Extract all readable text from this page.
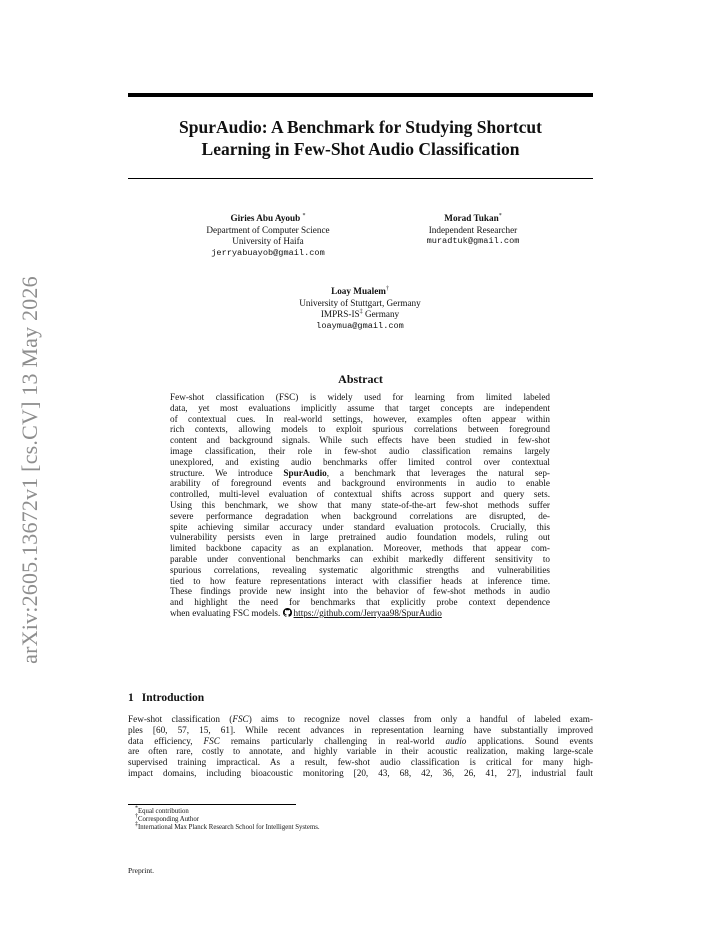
arXiv:2605.13672v1 [cs.CV] 13 May 2026
SpurAudio: A Benchmark for Studying Shortcut
Learning in Few-Shot Audio Classification
Giries Abu Ayoub *
Department of Computer Science
University of Haifa
jerryabuayob@gmail.com
Morad Tukan*
Independent Researcher
muradtuk@gmail.com
Loay Mualem†
University of Stuttgart, Germany
IMPRS-IS‡ Germany
loaymua@gmail.com
Abstract
Few-shot classification (FSC) is widely used for learning from limited labeled
data, yet most evaluations implicitly assume that target concepts are independent
of contextual cues. In real-world settings, however, examples often appear within
rich contexts, allowing models to exploit spurious correlations between foreground
content and background signals. While such effects have been studied in few-shot
image classification, their role in few-shot audio classification remains largely
unexplored, and existing audio benchmarks offer limited control over contextual
structure. We introduce SpurAudio, a benchmark that leverages the natural sep-
arability of foreground events and background environments in audio to enable
controlled, multi-level evaluation of contextual shifts across support and query sets.
Using this benchmark, we show that many state-of-the-art few-shot methods suffer
severe performance degradation when background correlations are disrupted, de-
spite achieving similar accuracy under standard evaluation protocols. Crucially, this
vulnerability persists even in large pretrained audio foundation models, ruling out
limited backbone capacity as an explanation. Moreover, methods that appear com-
parable under conventional benchmarks can exhibit markedly different sensitivity to
spurious correlations, revealing systematic algorithmic strengths and vulnerabilities
tied to how feature representations interact with classifier heads at inference time.
These findings provide new insight into the behavior of few-shot methods in audio
and highlight the need for benchmarks that explicitly probe context dependence
when evaluating FSC models. https://github.com/Jerryaa98/SpurAudio
1 Introduction
Few-shot classification (FSC) aims to recognize novel classes from only a handful of labeled exam-
ples [60, 57, 15, 61]. While recent advances in representation learning have substantially improved
data efficiency, FSC remains particularly challenging in real-world audio applications. Sound events
are often rare, costly to annotate, and highly variable in their acoustic realization, making large-scale
supervised training impractical. As a result, few-shot audio classification is critical for many high-
impact domains, including bioacoustic monitoring [20, 43, 68, 42, 36, 26, 41, 27], industrial fault
*Equal contribution
†Corresponding Author
‡International Max Planck Research School for Intelligent Systems.
Preprint.
